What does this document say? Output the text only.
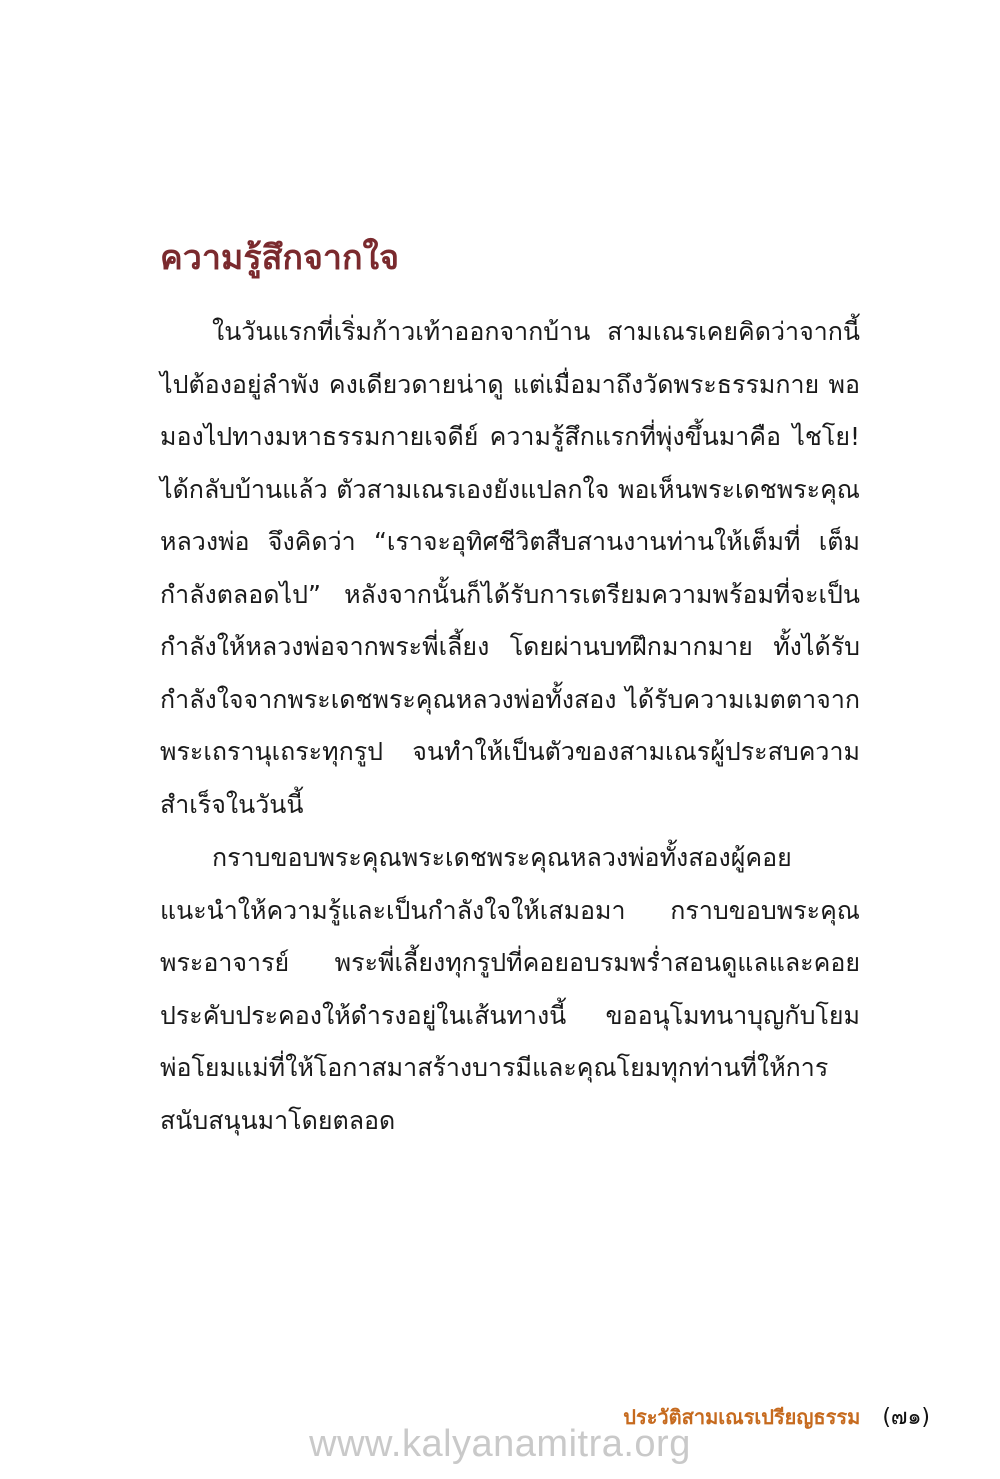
ความรู้สึกจากใจ

ในวันแรกที่เริ่มก้าวเท้าออกจากบ้าน สามเณรเคยคิดว่าจากนี้ไปต้องอยู่ลำพัง คงเดียวดายน่าดู แต่เมื่อมาถึงวัดพระธรรมกาย พอมองไปทางมหาธรรมกายเจดีย์ ความรู้สึกแรกที่พุ่งขึ้นมาคือ ไชโย! ได้กลับบ้านแล้ว ตัวสามเณรเองยังแปลกใจ พอเห็นพระเดชพระคุณหลวงพ่อ จึงคิดว่า “เราจะอุทิศชีวิตสืบสานงานท่านให้เต็มที่ เต็มกำลังตลอดไป” หลังจากนั้นก็ได้รับการเตรียมความพร้อมที่จะเป็นกำลังให้หลวงพ่อจากพระพี่เลี้ยง โดยผ่านบทฝึกมากมาย ทั้งได้รับกำลังใจจากพระเดชพระคุณหลวงพ่อทั้งสอง ได้รับความเมตตาจากพระเถรานุเถระทุกรูป จนทำให้เป็นตัวของสามเณรผู้ประสบความสำเร็จในวันนี้

กราบขอบพระคุณพระเดชพระคุณหลวงพ่อทั้งสองผู้คอยแนะนำให้ความรู้และเป็นกำลังใจให้เสมอมา กราบขอบพระคุณพระอาจารย์ พระพี่เลี้ยงทุกรูปที่คอยอบรมพร่ำสอนดูแลและคอยประคับประคองให้ดำรงอยู่ในเส้นทางนี้ ขออนุโมทนาบุญกับโยมพ่อโยมแม่ที่ให้โอกาสมาสร้างบารมีและคุณโยมทุกท่านที่ให้การสนับสนุนมาโดยตลอด

ประวัติสามเณรเปรียญธรรม (๗๑)
www.kalyanamitra.org
